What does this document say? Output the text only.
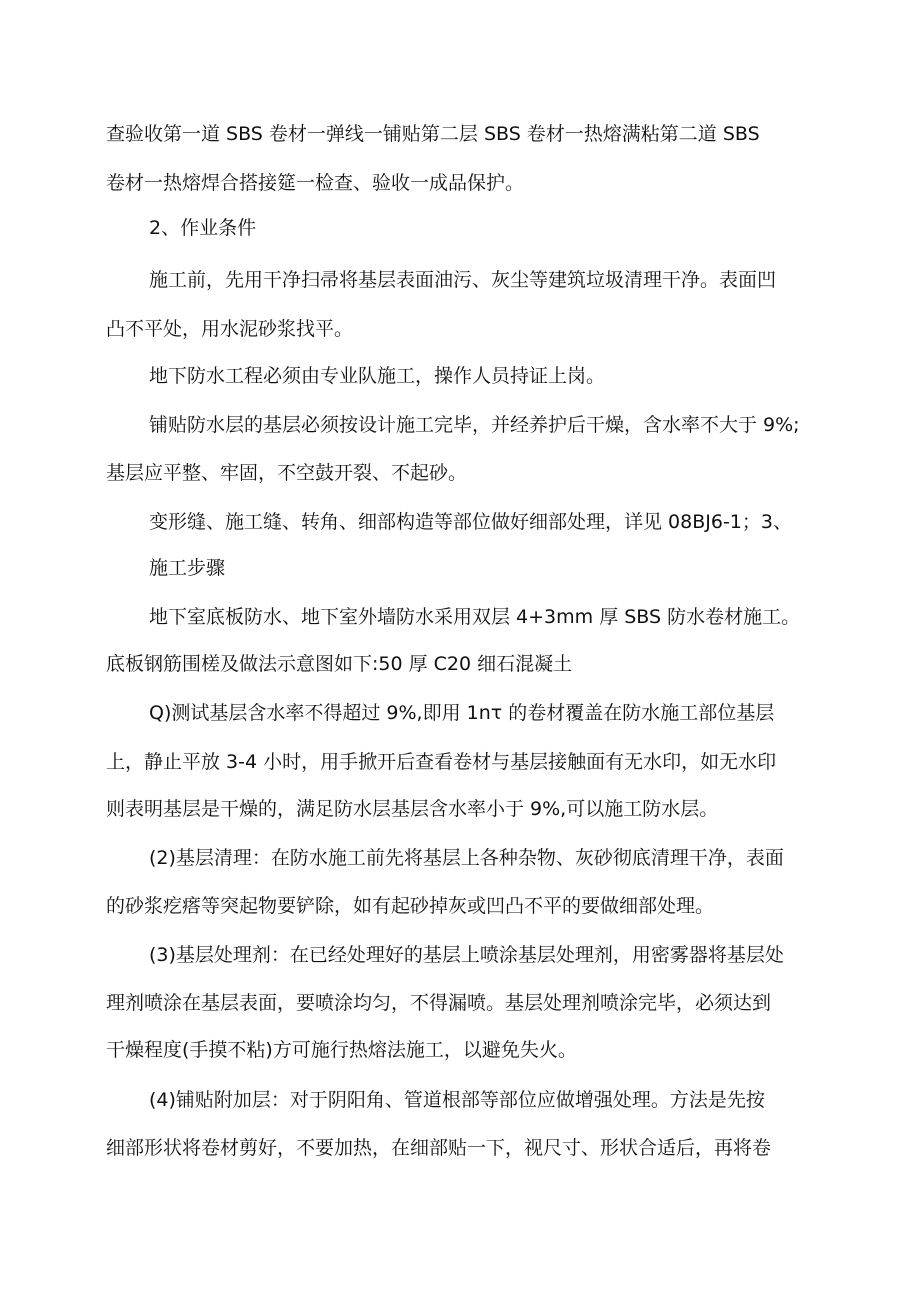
查验收第一道 SBS 卷材一弹线一铺贴第二层 SBS 卷材一热熔满粘第二道 SBS
卷材一热熔焊合搭接筵一检查、验收一成品保护。
2、作业条件
施工前，先用干净扫帚将基层表面油污、灰尘等建筑垃圾清理干净。表面凹
凸不平处，用水泥砂浆找平。
地下防水工程必须由专业队施工，操作人员持证上岗。
铺贴防水层的基层必须按设计施工完毕，并经养护后干燥，含水率不大于 9%;
基层应平整、牢固，不空鼓开裂、不起砂。
变形缝、施工缝、转角、细部构造等部位做好细部处理，详见 08BJ6-1；3、
施工步骤
地下室底板防水、地下室外墙防水采用双层 4+3mm 厚 SBS 防水卷材施工。
底板钢筋围槎及做法示意图如下:50 厚 C20 细石混凝土
Q)测试基层含水率不得超过 9%,即用 1nτ 的卷材覆盖在防水施工部位基层
上，静止平放 3-4 小时，用手掀开后查看卷材与基层接触面有无水印，如无水印
则表明基层是干燥的，满足防水层基层含水率小于 9%,可以施工防水层。
(2)基层清理：在防水施工前先将基层上各种杂物、灰砂彻底清理干净，表面
的砂浆疙瘩等突起物要铲除，如有起砂掉灰或凹凸不平的要做细部处理。
(3)基层处理剂：在已经处理好的基层上喷涂基层处理剂，用密雾器将基层处
理剂喷涂在基层表面，要喷涂均匀，不得漏喷。基层处理剂喷涂完毕，必须达到
干燥程度(手摸不粘)方可施行热熔法施工，以避免失火。
(4)铺贴附加层：对于阴阳角、管道根部等部位应做增强处理。方法是先按
细部形状将卷材剪好，不要加热，在细部贴一下，视尺寸、形状合适后，再将卷
